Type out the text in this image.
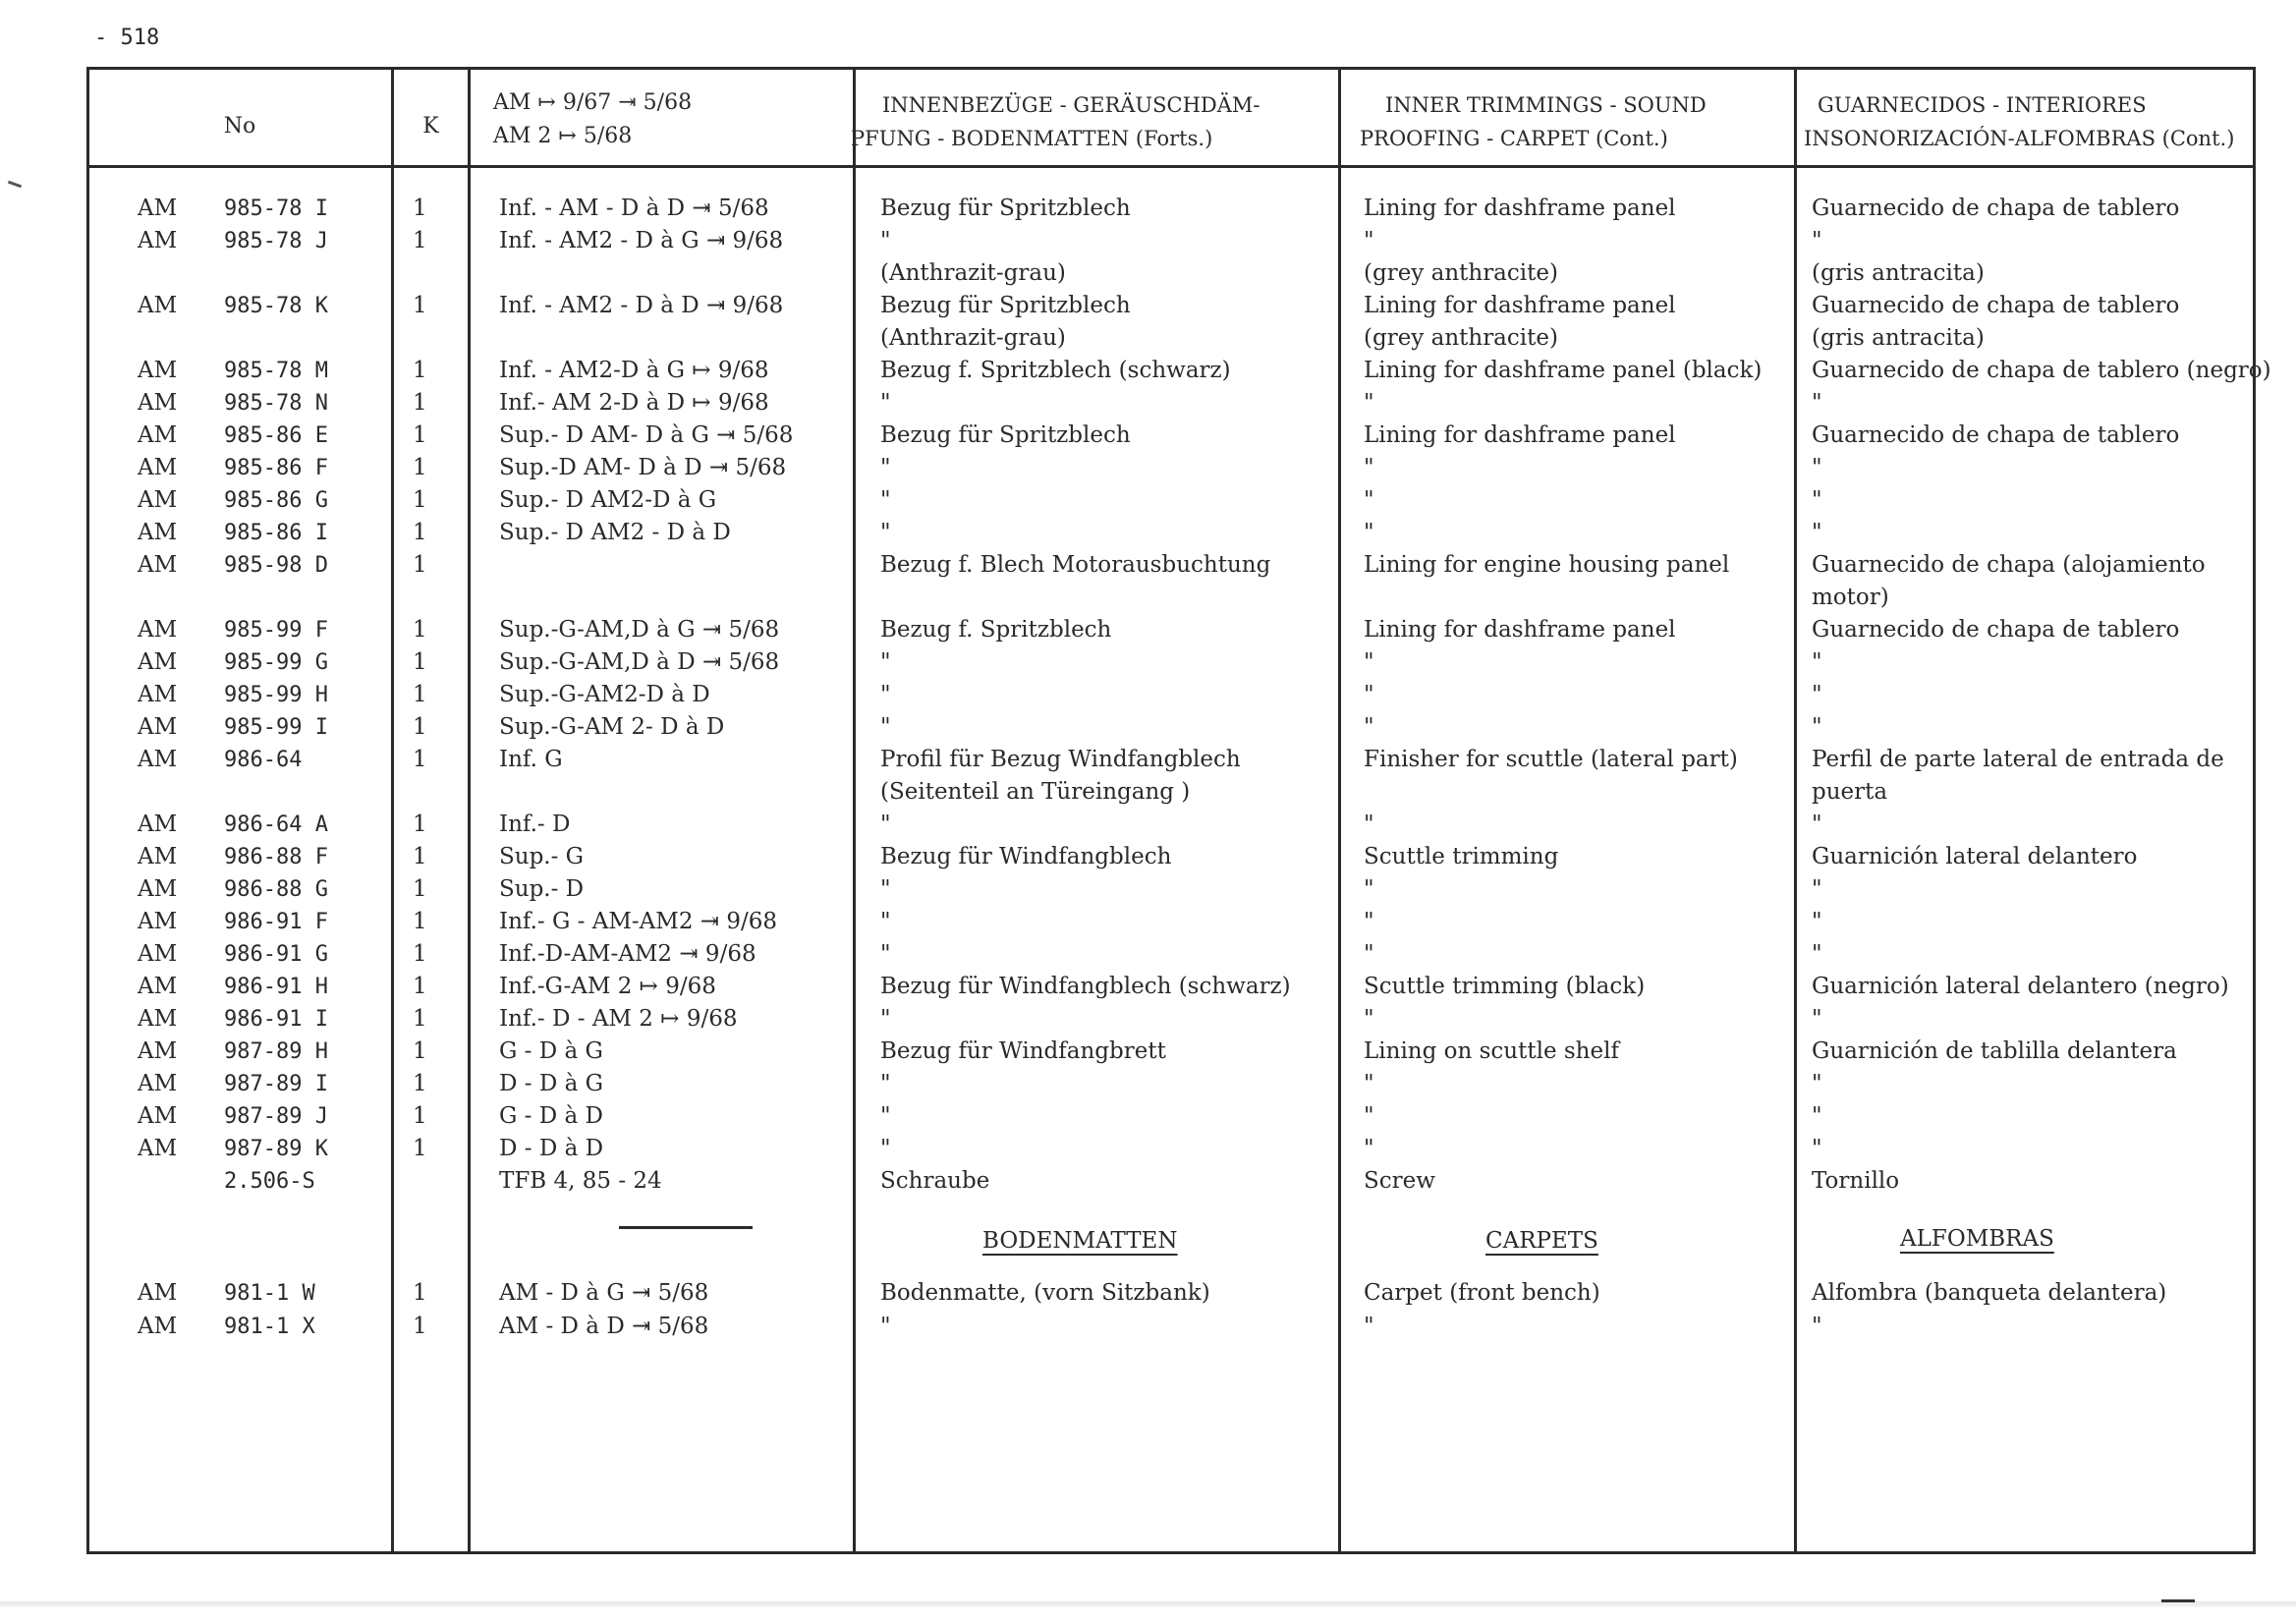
- 518
No	K
AM ↦ 9/67 ⇥ 5/68
AM 2 ↦ 5/68
INNENBEZÜGE - GERÄUSCHDÄM-
PFUNG - BODENMATTEN (Forts.)
INNER TRIMMINGS - SOUND
PROOFING - CARPET (Cont.)
GUARNECIDOS - INTERIORES
INSONORIZACIÓN-ALFOMBRAS (Cont.)
AM 985-78 I	1	Inf. - AM - D à D ⇥ 5/68	Bezug für Spritzblech	Lining for dashframe panel	Guarnecido de chapa de tablero
AM 985-78 J	1	Inf. - AM2 - D à G ⇥ 9/68	"	"	"
(Anthrazit-grau)	(grey anthracite)	(gris antracita)
AM 985-78 K	1	Inf. - AM2 - D à D ⇥ 9/68	Bezug für Spritzblech	Lining for dashframe panel	Guarnecido de chapa de tablero
(Anthrazit-grau)	(grey anthracite)	(gris antracita)
AM 985-78 M	1	Inf. - AM2-D à G ↦ 9/68	Bezug f. Spritzblech (schwarz)	Lining for dashframe panel (black) Guarnecido de chapa de tablero (negro)
AM 985-78 N	1	Inf.- AM 2-D à D ↦ 9/68	"	"	"
AM 985-86 E	1	Sup.- D AM- D à G ⇥ 5/68	Bezug für Spritzblech	Lining for dashframe panel	Guarnecido de chapa de tablero
AM 985-86 F	1	Sup.-D AM- D à D ⇥ 5/68	"	"	"
AM 985-86 G	1	Sup.- D AM2-D à G	"	"	"
AM 985-86 I	1	Sup.- D AM2 - D à D	"	"	"
AM 985-98 D	1	Bezug f. Blech Motorausbuchtung	Lining for engine housing panel	Guarnecido de chapa (alojamiento
motor)
AM 985-99 F	1	Sup.-G-AM,D à G ⇥ 5/68	Bezug f. Spritzblech	Lining for dashframe panel	Guarnecido de chapa de tablero
AM 985-99 G	1	Sup.-G-AM,D à D ⇥ 5/68	"	"	"
AM 985-99 H	1	Sup.-G-AM2-D à D	"	"	"
AM 985-99 I	1	Sup.-G-AM 2- D à D	"	"	"
AM 986-64	1	Inf. G	Profil für Bezug Windfangblech	Finisher for scuttle (lateral part)	Perfil de parte lateral de entrada de
(Seitenteil an Türeingang )	puerta
AM 986-64 A	1	Inf.- D	"	"	"
AM 986-88 F	1	Sup.- G	Bezug für Windfangblech	Scuttle trimming	Guarnición lateral delantero
AM 986-88 G	1	Sup.- D	"	"	"
AM 986-91 F	1	Inf.- G - AM-AM2 ⇥ 9/68	"	"	"
AM 986-91 G	1	Inf.-D-AM-AM2 ⇥ 9/68	"	"	"
AM 986-91 H	1	Inf.-G-AM 2 ↦ 9/68	Bezug für Windfangblech (schwarz)	Scuttle trimming (black)	Guarnición lateral delantero (negro)
AM 986-91 I	1	Inf.- D - AM 2 ↦ 9/68	"	"	"
AM 987-89 H	1	G - D à G	Bezug für Windfangbrett	Lining on scuttle shelf	Guarnición de tablilla delantera
AM 987-89 I	1	D - D à G	"	"	"
AM 987-89 J	1	G - D à D	"	"	"
AM 987-89 K	1	D - D à D	"	"	"
2.506-S	TFB 4, 85 - 24	Schraube	Screw	Tornillo
AM 981-1 W	1	AM - D à G ⇥ 5/68	Bodenmatte, (vorn Sitzbank)	Carpet (front bench)	Alfombra (banqueta delantera)
AM 981-1 X	1	AM - D à D ⇥ 5/68	"	"	"
BODENMATTEN	CARPETS	ALFOMBRAS
